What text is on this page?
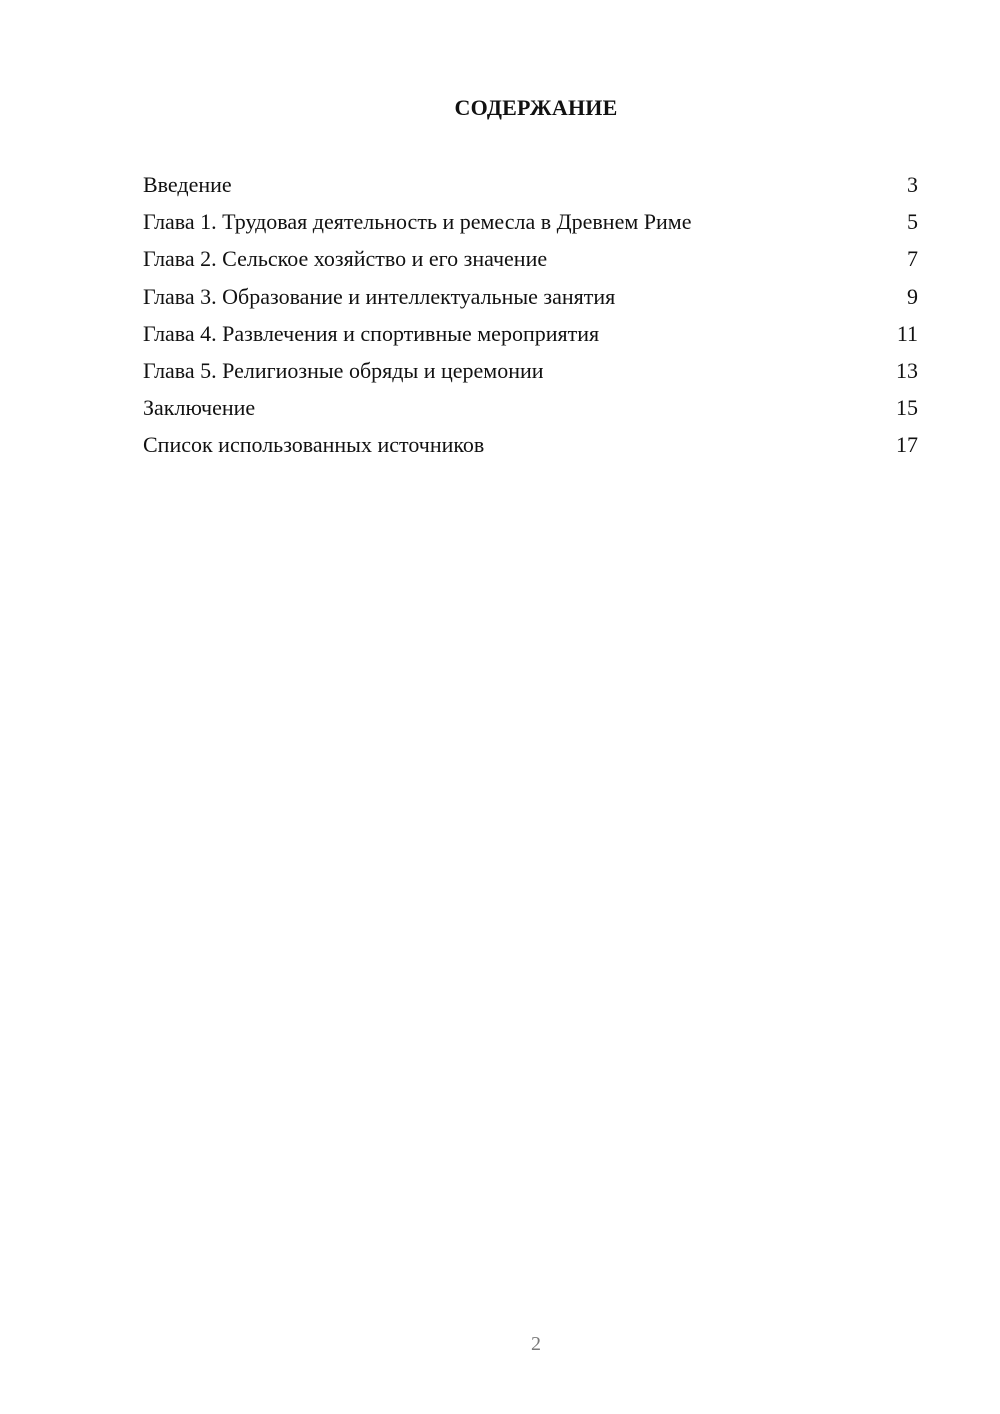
СОДЕРЖАНИЕ
Введение	3
Глава 1. Трудовая деятельность и ремесла в Древнем Риме	5
Глава 2. Сельское хозяйство и его значение	7
Глава 3. Образование и интеллектуальные занятия	9
Глава 4. Развлечения и спортивные мероприятия	11
Глава 5. Религиозные обряды и церемонии	13
Заключение	15
Список использованных источников	17
2
